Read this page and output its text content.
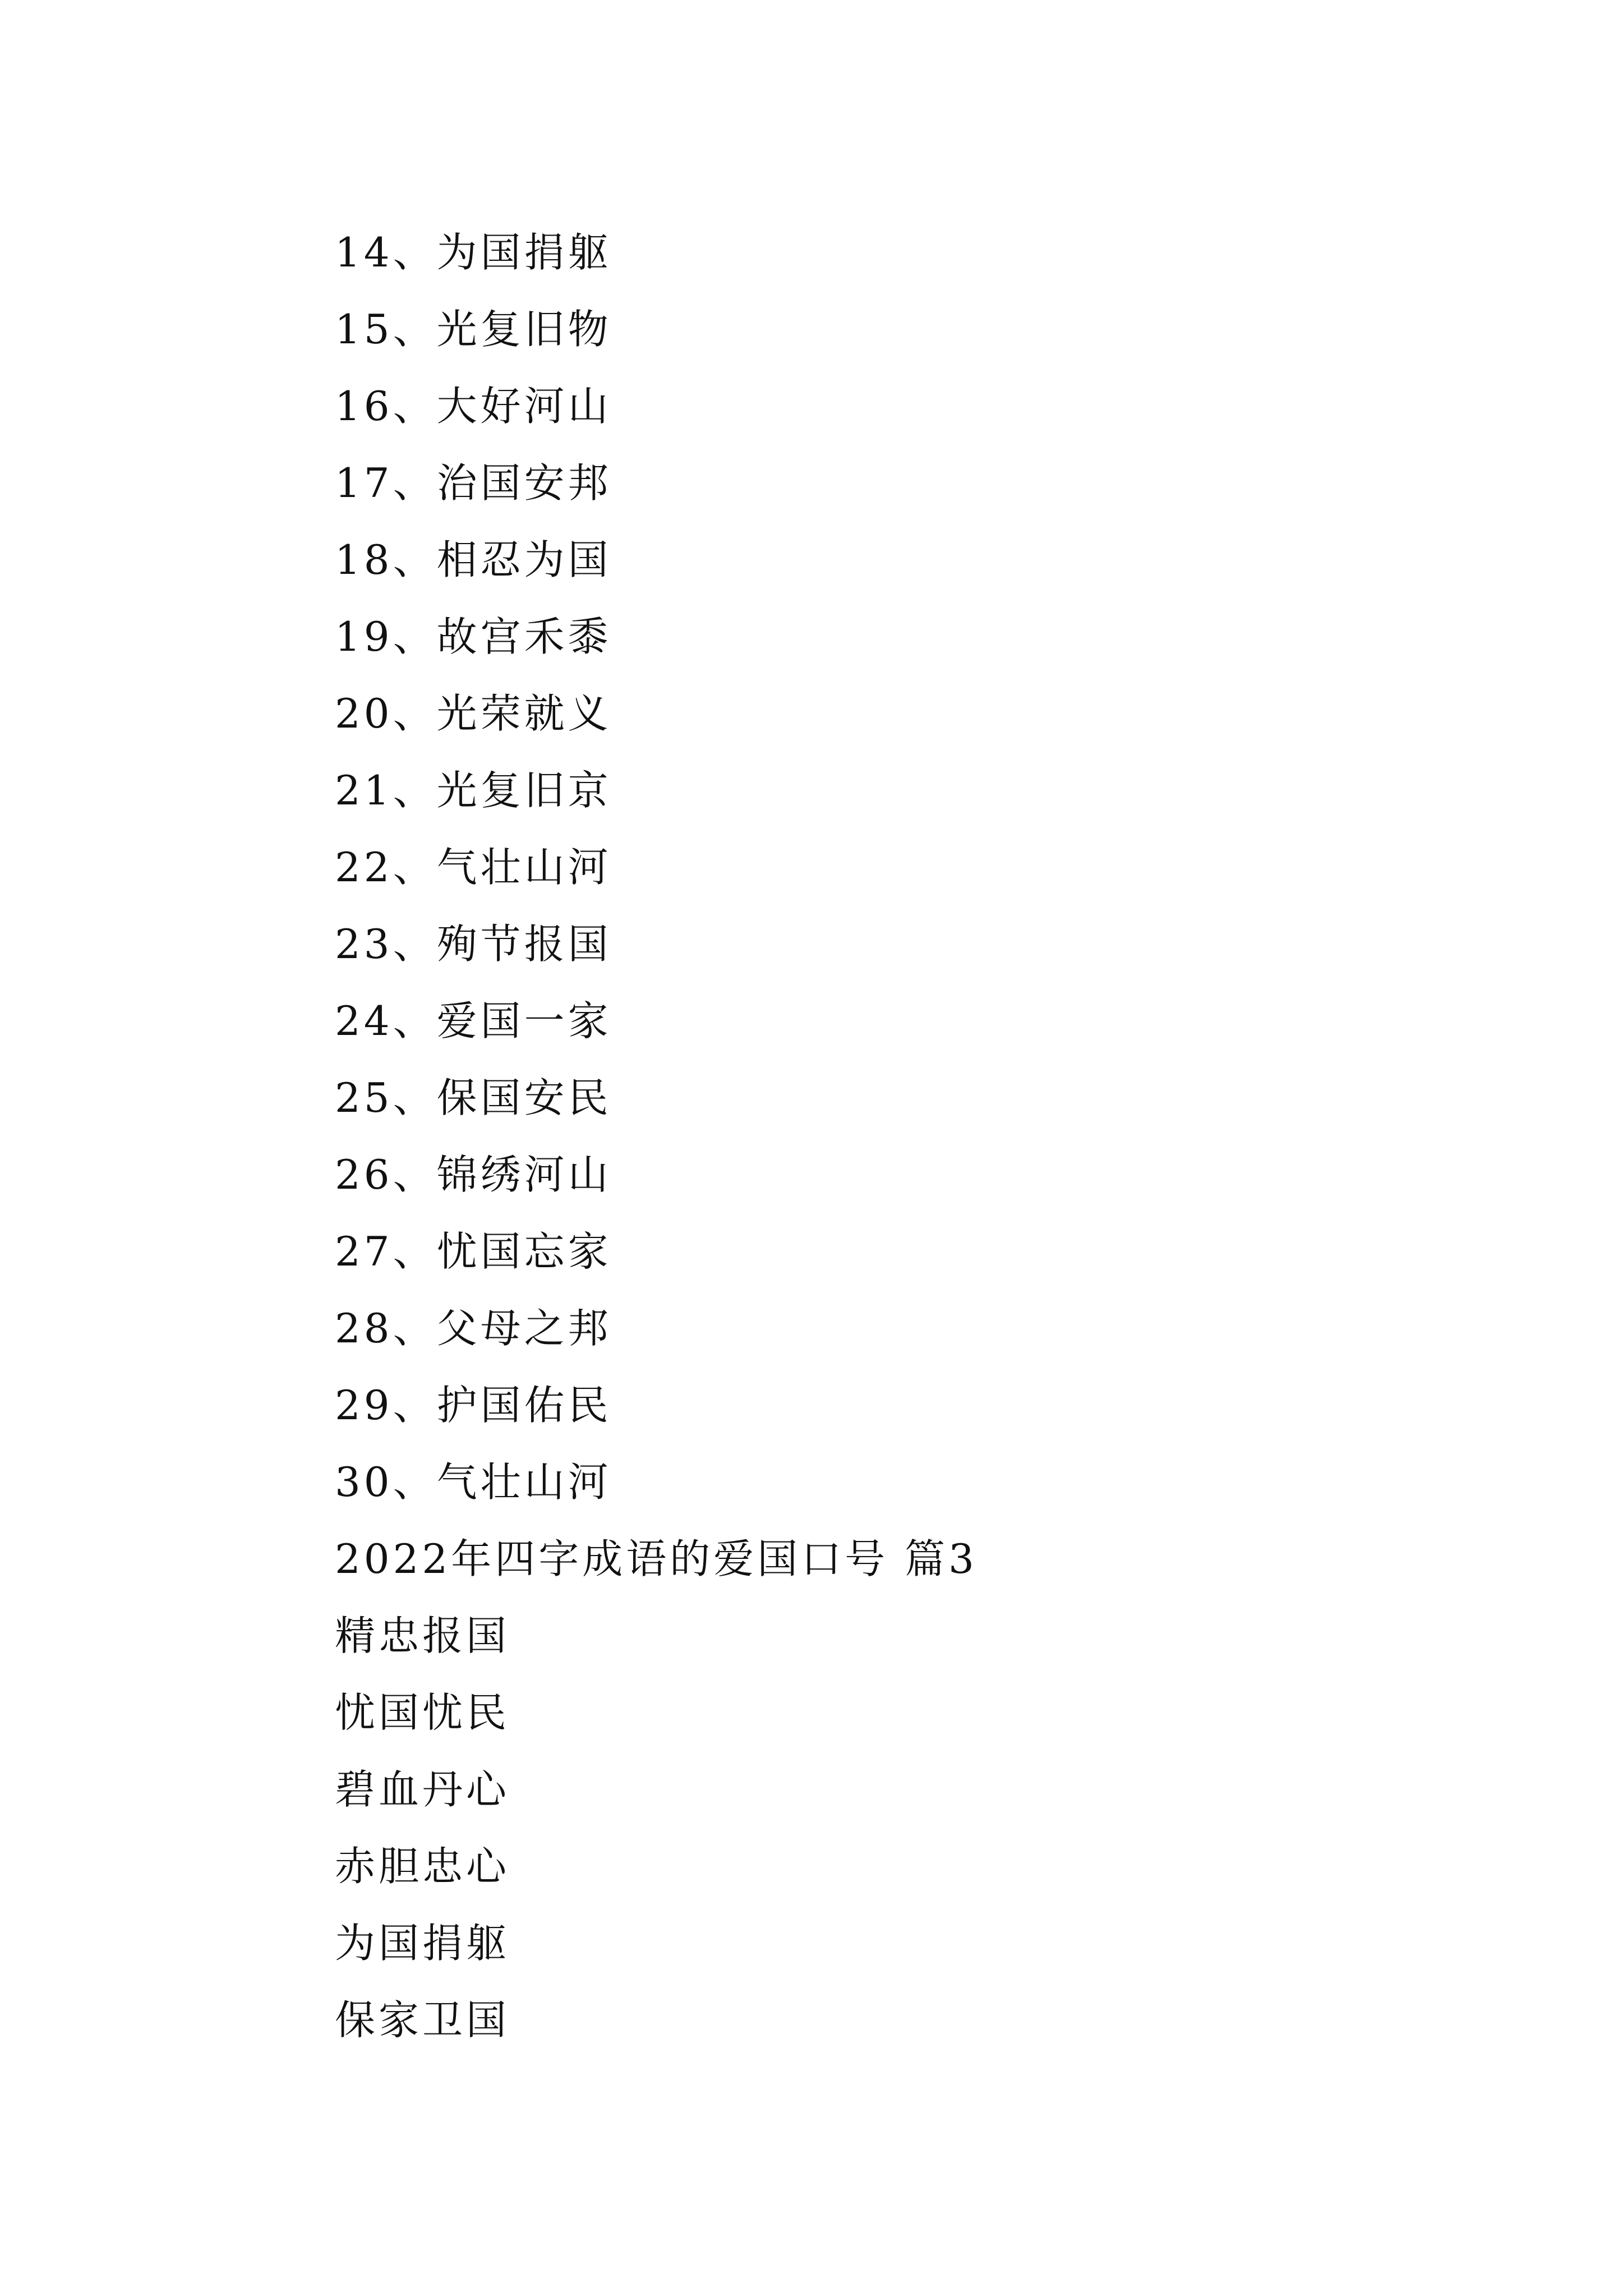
14、为国捐躯
15、光复旧物
16、大好河山
17、治国安邦
18、相忍为国
19、故宫禾黍
20、光荣就义
21、光复旧京
22、气壮山河
23、殉节报国
24、爱国一家
25、保国安民
26、锦绣河山
27、忧国忘家
28、父母之邦
29、护国佑民
30、气壮山河
2022年四字成语的爱国口号 篇3
精忠报国
忧国忧民
碧血丹心
赤胆忠心
为国捐躯
保家卫国
